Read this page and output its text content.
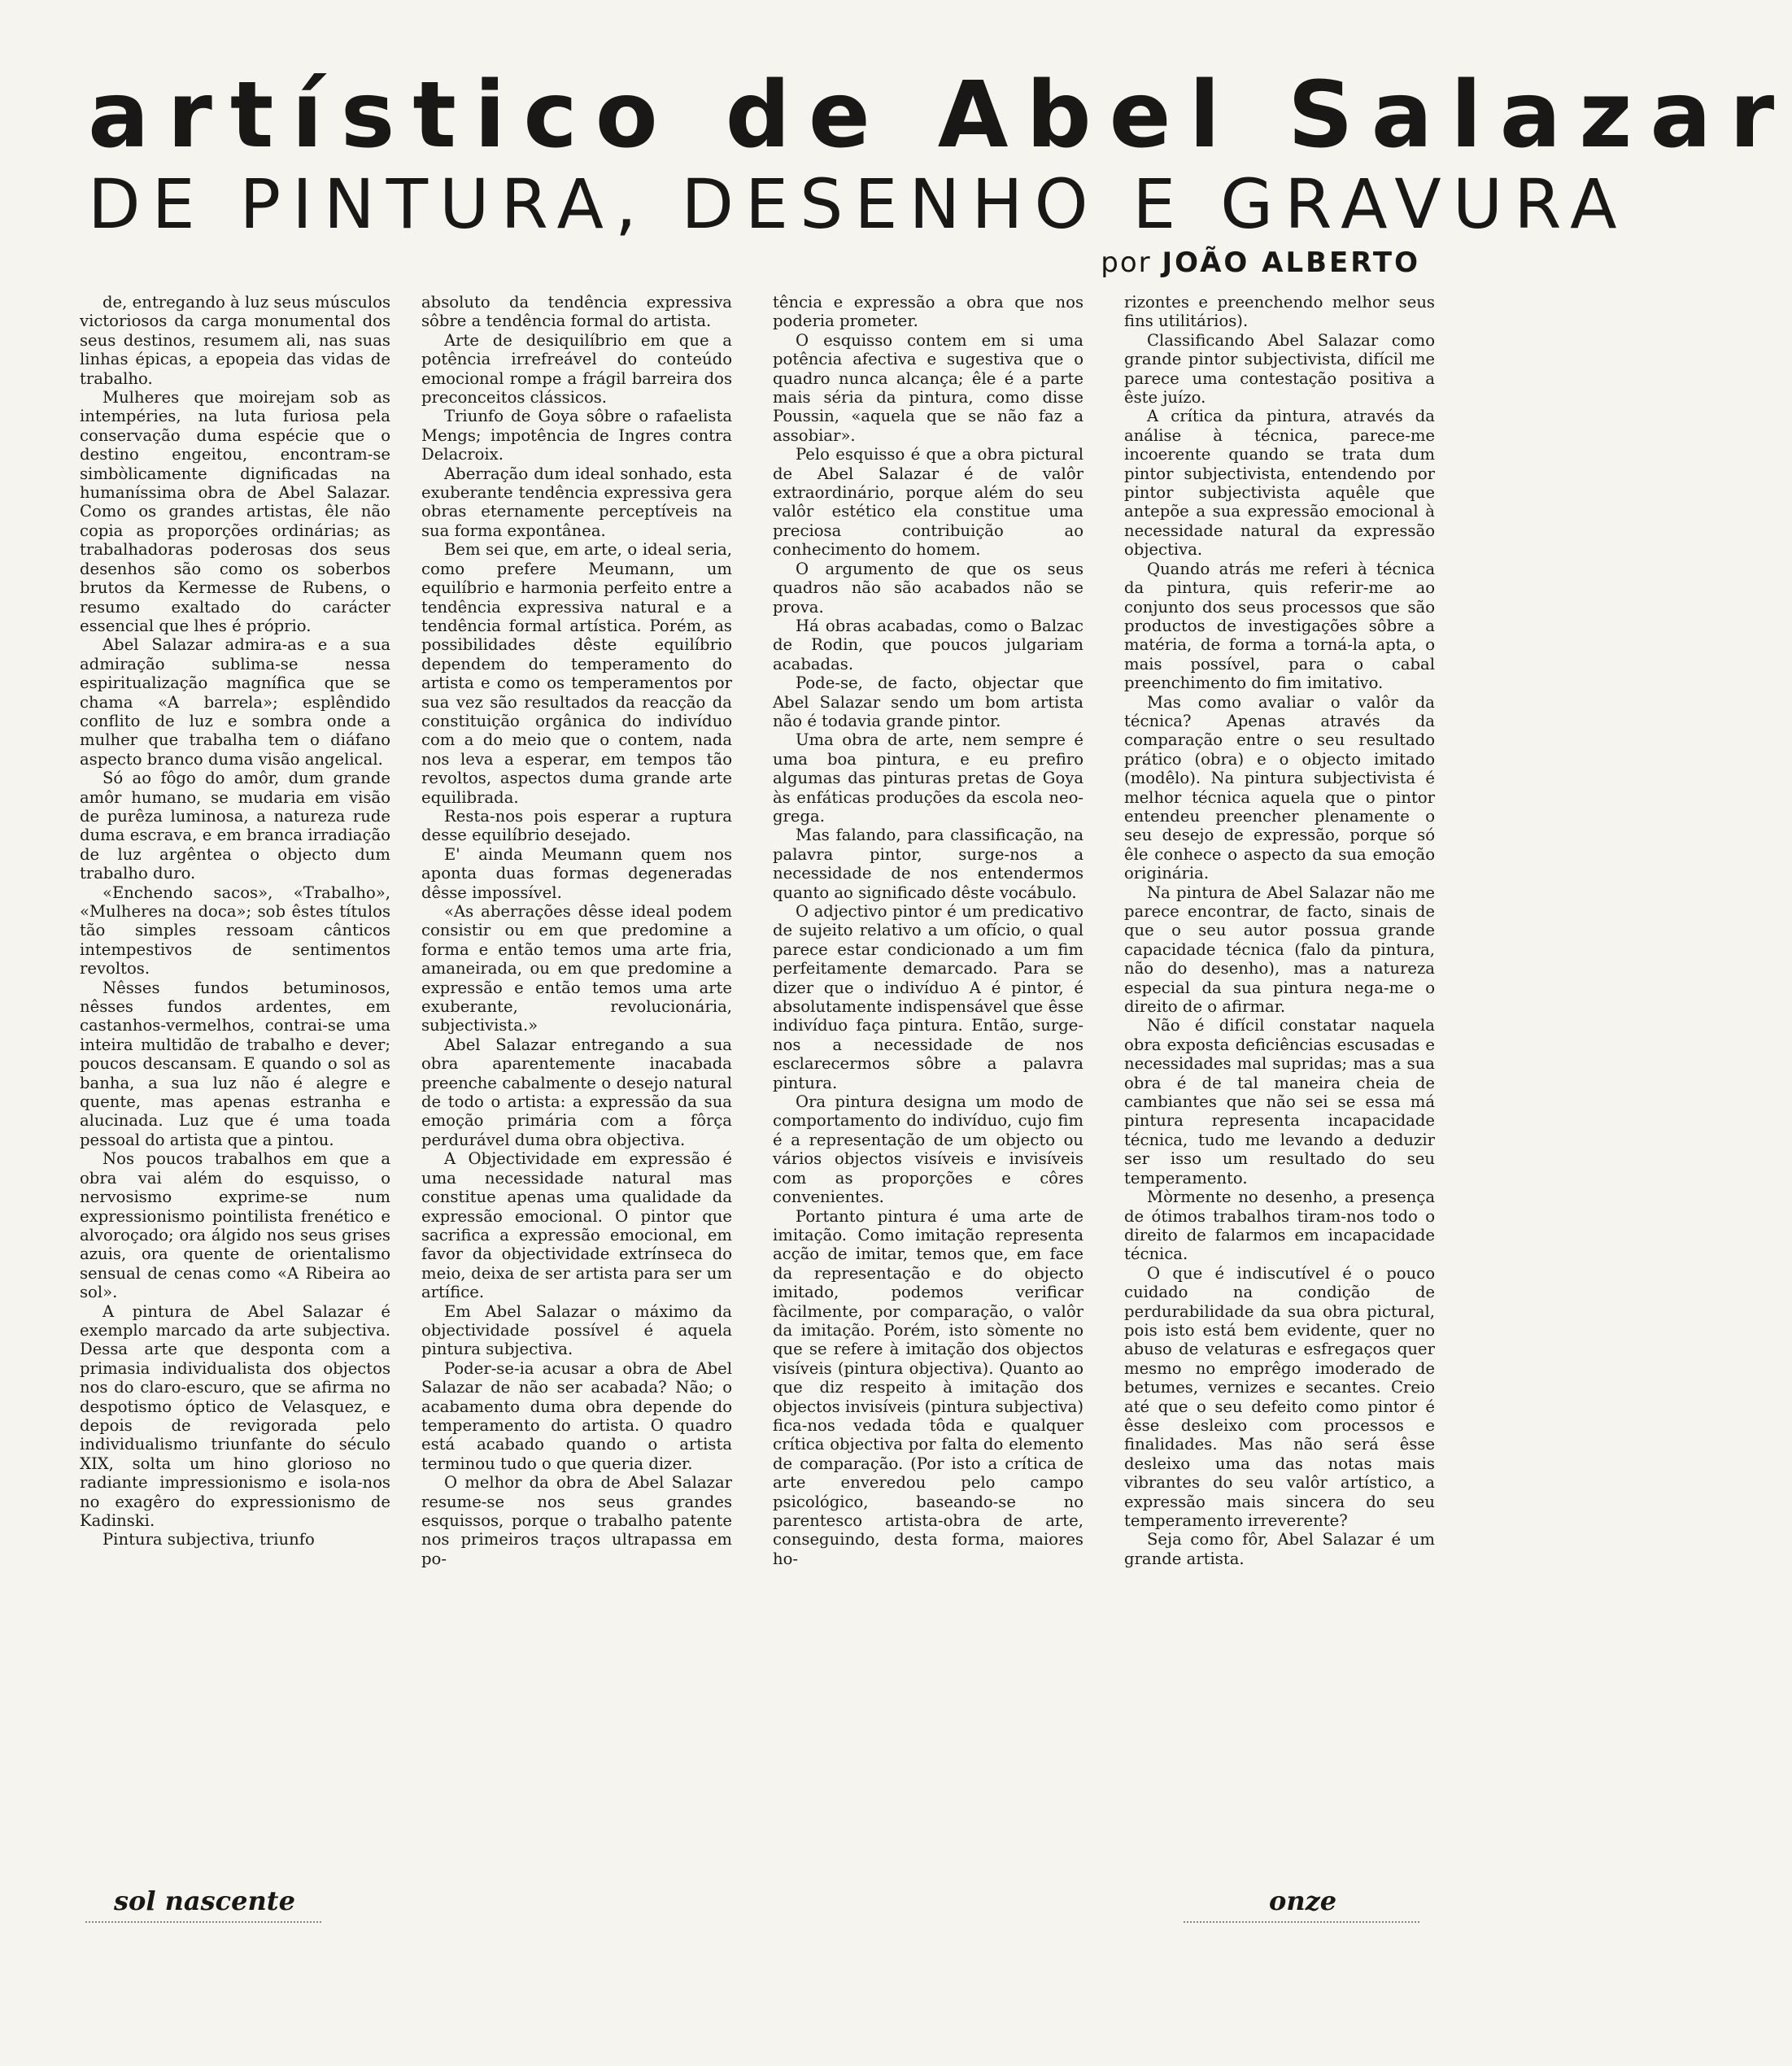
artístico de Abel Salazar
DE PINTURA, DESENHO E GRAVURA
por JOÃO ALBERTO

de, entregando à luz seus músculos victoriosos da carga monumental dos seus destinos, resumem ali, nas suas linhas épicas, a epopeia das vidas de trabalho.

Mulheres que moirejam sob as intempéries, na luta furiosa pela conservação duma espécie que o destino engeitou, encontram-se simbòlicamente dignificadas na humaníssima obra de Abel Salazar. Como os grandes artistas, êle não copia as proporções ordinárias; as trabalhadoras poderosas dos seus desenhos são como os soberbos brutos da Kermesse de Rubens, o resumo exaltado do carácter essencial que lhes é próprio.

Abel Salazar admira-as e a sua admiração sublima-se nessa espiritualização magnífica que se chama «A barrela»; esplêndido conflito de luz e sombra onde a mulher que trabalha tem o diáfano aspecto branco duma visão angelical.

Só ao fôgo do amôr, dum grande amôr humano, se mudaria em visão de purêza luminosa, a natureza rude duma escrava, e em branca irradiação de luz argêntea o objecto dum trabalho duro.

«Enchendo sacos», «Trabalho», «Mulheres na doca»; sob êstes títulos tão simples ressoam cânticos intempestivos de sentimentos revoltos.

Nêsses fundos betuminosos, nêsses fundos ardentes, em castanhos-vermelhos, contrai-se uma inteira multidão de trabalho e dever; poucos descansam. E quando o sol as banha, a sua luz não é alegre e quente, mas apenas estranha e alucinada. Luz que é uma toada pessoal do artista que a pintou.

Nos poucos trabalhos em que a obra vai além do esquisso, o nervosismo exprime-se num expressionismo pointilista frenético e alvoroçado; ora álgido nos seus grises azuis, ora quente de orientalismo sensual de cenas como «A Ribeira ao sol».

A pintura de Abel Salazar é exemplo marcado da arte subjectiva. Dessa arte que desponta com a primasia individualista dos objectos nos do claro-escuro, que se afirma no despotismo óptico de Velasquez, e depois de revigorada pelo individualismo triunfante do século XIX, solta um hino glorioso no radiante impressionismo e isola-nos no exagêro do expressionismo de Kadinski.

Pintura subjectiva, triunfo

absoluto da tendência expressiva sôbre a tendência formal do artista.

Arte de desiquilíbrio em que a potência irrefreável do conteúdo emocional rompe a frágil barreira dos preconceitos clássicos.

Triunfo de Goya sôbre o rafaelista Mengs; impotência de Ingres contra Delacroix.

Aberração dum ideal sonhado, esta exuberante tendência expressiva gera obras eternamente perceptíveis na sua forma expontânea.

Bem sei que, em arte, o ideal seria, como prefere Meumann, um equilíbrio e harmonia perfeito entre a tendência expressiva natural e a tendência formal artística. Porém, as possibilidades dêste equilíbrio dependem do temperamento do artista e como os temperamentos por sua vez são resultados da reacção da constituição orgânica do indivíduo com a do meio que o contem, nada nos leva a esperar, em tempos tão revoltos, aspectos duma grande arte equilibrada.

Resta-nos pois esperar a ruptura desse equilíbrio desejado.

E' ainda Meumann quem nos aponta duas formas degeneradas dêsse impossível.

«As aberrações dêsse ideal podem consistir ou em que predomine a forma e então temos uma arte fria, amaneirada, ou em que predomine a expressão e então temos uma arte exuberante, revolucionária, subjectivista.»

Abel Salazar entregando a sua obra aparentemente inacabada preenche cabalmente o desejo natural de todo o artista: a expressão da sua emoção primária com a fôrça perdurável duma obra objectiva.

A Objectividade em expressão é uma necessidade natural mas constitue apenas uma qualidade da expressão emocional. O pintor que sacrifica a expressão emocional, em favor da objectividade extrínseca do meio, deixa de ser artista para ser um artífice.

Em Abel Salazar o máximo da objectividade possível é aquela pintura subjectiva.

Poder-se-ia acusar a obra de Abel Salazar de não ser acabada? Não; o acabamento duma obra depende do temperamento do artista. O quadro está acabado quando o artista terminou tudo o que queria dizer.

O melhor da obra de Abel Salazar resume-se nos seus grandes esquissos, porque o trabalho patente nos primeiros traços ultrapassa em po-

tência e expressão a obra que nos poderia prometer.

O esquisso contem em si uma potência afectiva e sugestiva que o quadro nunca alcança; êle é a parte mais séria da pintura, como disse Poussin, «aquela que se não faz a assobiar».

Pelo esquisso é que a obra pictural de Abel Salazar é de valôr extraordinário, porque além do seu valôr estético ela constitue uma preciosa contribuição ao conhecimento do homem.

O argumento de que os seus quadros não são acabados não se prova.

Há obras acabadas, como o Balzac de Rodin, que poucos julgariam acabadas.

Pode-se, de facto, objectar que Abel Salazar sendo um bom artista não é todavia grande pintor.

Uma obra de arte, nem sempre é uma boa pintura, e eu prefiro algumas das pinturas pretas de Goya às enfáticas produções da escola neo-grega.

Mas falando, para classificação, na palavra pintor, surge-nos a necessidade de nos entendermos quanto ao significado dêste vocábulo.

O adjectivo pintor é um predicativo de sujeito relativo a um ofício, o qual parece estar condicionado a um fim perfeitamente demarcado. Para se dizer que o indivíduo A é pintor, é absolutamente indispensável que êsse indivíduo faça pintura. Então, surge-nos a necessidade de nos esclarecermos sôbre a palavra pintura.

Ora pintura designa um modo de comportamento do indivíduo, cujo fim é a representação de um objecto ou vários objectos visíveis e invisíveis com as proporções e côres convenientes.

Portanto pintura é uma arte de imitação. Como imitação representa acção de imitar, temos que, em face da representação e do objecto imitado, podemos verificar fàcilmente, por comparação, o valôr da imitação. Porém, isto sòmente no que se refere à imitação dos objectos visíveis (pintura objectiva). Quanto ao que diz respeito à imitação dos objectos invisíveis (pintura subjectiva) fica-nos vedada tôda e qualquer crítica objectiva por falta do elemento de comparação. (Por isto a crítica de arte enveredou pelo campo psicológico, baseando-se no parentesco artista-obra de arte, conseguindo, desta forma, maiores ho-

rizontes e preenchendo melhor seus fins utilitários).

Classificando Abel Salazar como grande pintor subjectivista, difícil me parece uma contestação positiva a êste juízo.

A crítica da pintura, através da análise à técnica, parece-me incoerente quando se trata dum pintor subjectivista, entendendo por pintor subjectivista aquêle que antepõe a sua expressão emocional à necessidade natural da expressão objectiva.

Quando atrás me referi à técnica da pintura, quis referir-me ao conjunto dos seus processos que são productos de investigações sôbre a matéria, de forma a torná-la apta, o mais possível, para o cabal preenchimento do fim imitativo.

Mas como avaliar o valôr da técnica? Apenas através da comparação entre o seu resultado prático (obra) e o objecto imitado (modêlo). Na pintura subjectivista é melhor técnica aquela que o pintor entendeu preencher plenamente o seu desejo de expressão, porque só êle conhece o aspecto da sua emoção originária.

Na pintura de Abel Salazar não me parece encontrar, de facto, sinais de que o seu autor possua grande capacidade técnica (falo da pintura, não do desenho), mas a natureza especial da sua pintura nega-me o direito de o afirmar.

Não é difícil constatar naquela obra exposta deficiências escusadas e necessidades mal supridas; mas a sua obra é de tal maneira cheia de cambiantes que não sei se essa má pintura representa incapacidade técnica, tudo me levando a deduzir ser isso um resultado do seu temperamento.

Mòrmente no desenho, a presença de ótimos trabalhos tiram-nos todo o direito de falarmos em incapacidade técnica.

O que é indiscutível é o pouco cuidado na condição de perdurabilidade da sua obra pictural, pois isto está bem evidente, quer no abuso de velaturas e esfregaços quer mesmo no emprêgo imoderado de betumes, vernizes e secantes. Creio até que o seu defeito como pintor é êsse desleixo com processos e finalidades. Mas não será êsse desleixo uma das notas mais vibrantes do seu valôr artístico, a expressão mais sincera do seu temperamento irreverente?

Seja como fôr, Abel Salazar é um grande artista.

sol nascente	onze
